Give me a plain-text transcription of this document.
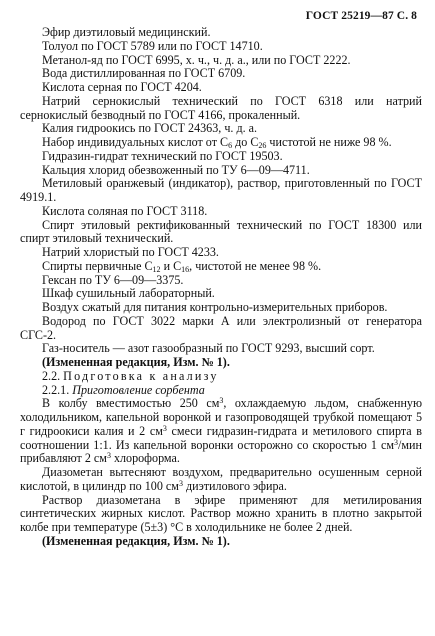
ГОСТ 25219—87 С. 8

Эфир диэтиловый медицинский.

Толуол по ГОСТ 5789 или по ГОСТ 14710.

Метанол-яд по ГОСТ 6995, х. ч., ч. д. а., или по ГОСТ 2222.

Вода дистиллированная по ГОСТ 6709.

Кислота серная по ГОСТ 4204.

Натрий сернокислый технический по ГОСТ 6318 или натрий сернокислый безводный по ГОСТ 4166, прокаленный.

Калия гидроокись по ГОСТ 24363, ч. д. а.

Набор индивидуальных кислот от $С_6$ до $С_{26}$ чистотой не ниже 98 %.

Гидразин-гидрат технический по ГОСТ 19503.

Кальция хлорид обезвоженный по ТУ 6—09—4711.

Метиловый оранжевый (индикатор), раствор, приготовленный по ГОСТ 4919.1.

Кислота соляная по ГОСТ 3118.

Спирт этиловый ректификованный технический по ГОСТ 18300 или спирт этиловый технический.

Натрий хлористый по ГОСТ 4233.

Спирты первичные $С_{12}$ и $С_{16}$, чистотой не менее 98 %.

Гексан по ТУ 6—09—3375.

Шкаф сушильный лабораторный.

Воздух сжатый для питания контрольно-измерительных приборов.

Водород по ГОСТ 3022 марки А или электролизный от генератора СГС-2.

Газ-носитель — азот газообразный по ГОСТ 9293, высший сорт.

(Измененная редакция, Изм. № 1).

2.2. Подготовка к анализу

2.2.1. Приготовление сорбента

В колбу вместимостью 250 $см^3$, охлаждаемую льдом, снабженную холодильником, капельной воронкой и газопроводящей трубкой помещают 5 г гидроокиси калия и 2 $см^3$ смеси гидразин-гидрата и метилового спирта в соотношении 1:1. Из капельной воронки осторожно со скоростью 1 $см^3$/мин прибавляют 2 $см^3$ хлороформа.

Диазометан вытесняют воздухом, предварительно осушенным серной кислотой, в цилиндр по 100 $см^3$ диэтилового эфира.

Раствор диазометана в эфире применяют для метилирования синтетических жирных кислот. Раствор можно хранить в плотно закрытой колбе при температуре (5±3) °С в холодильнике не более 2 дней.

(Измененная редакция, Изм. № 1).
